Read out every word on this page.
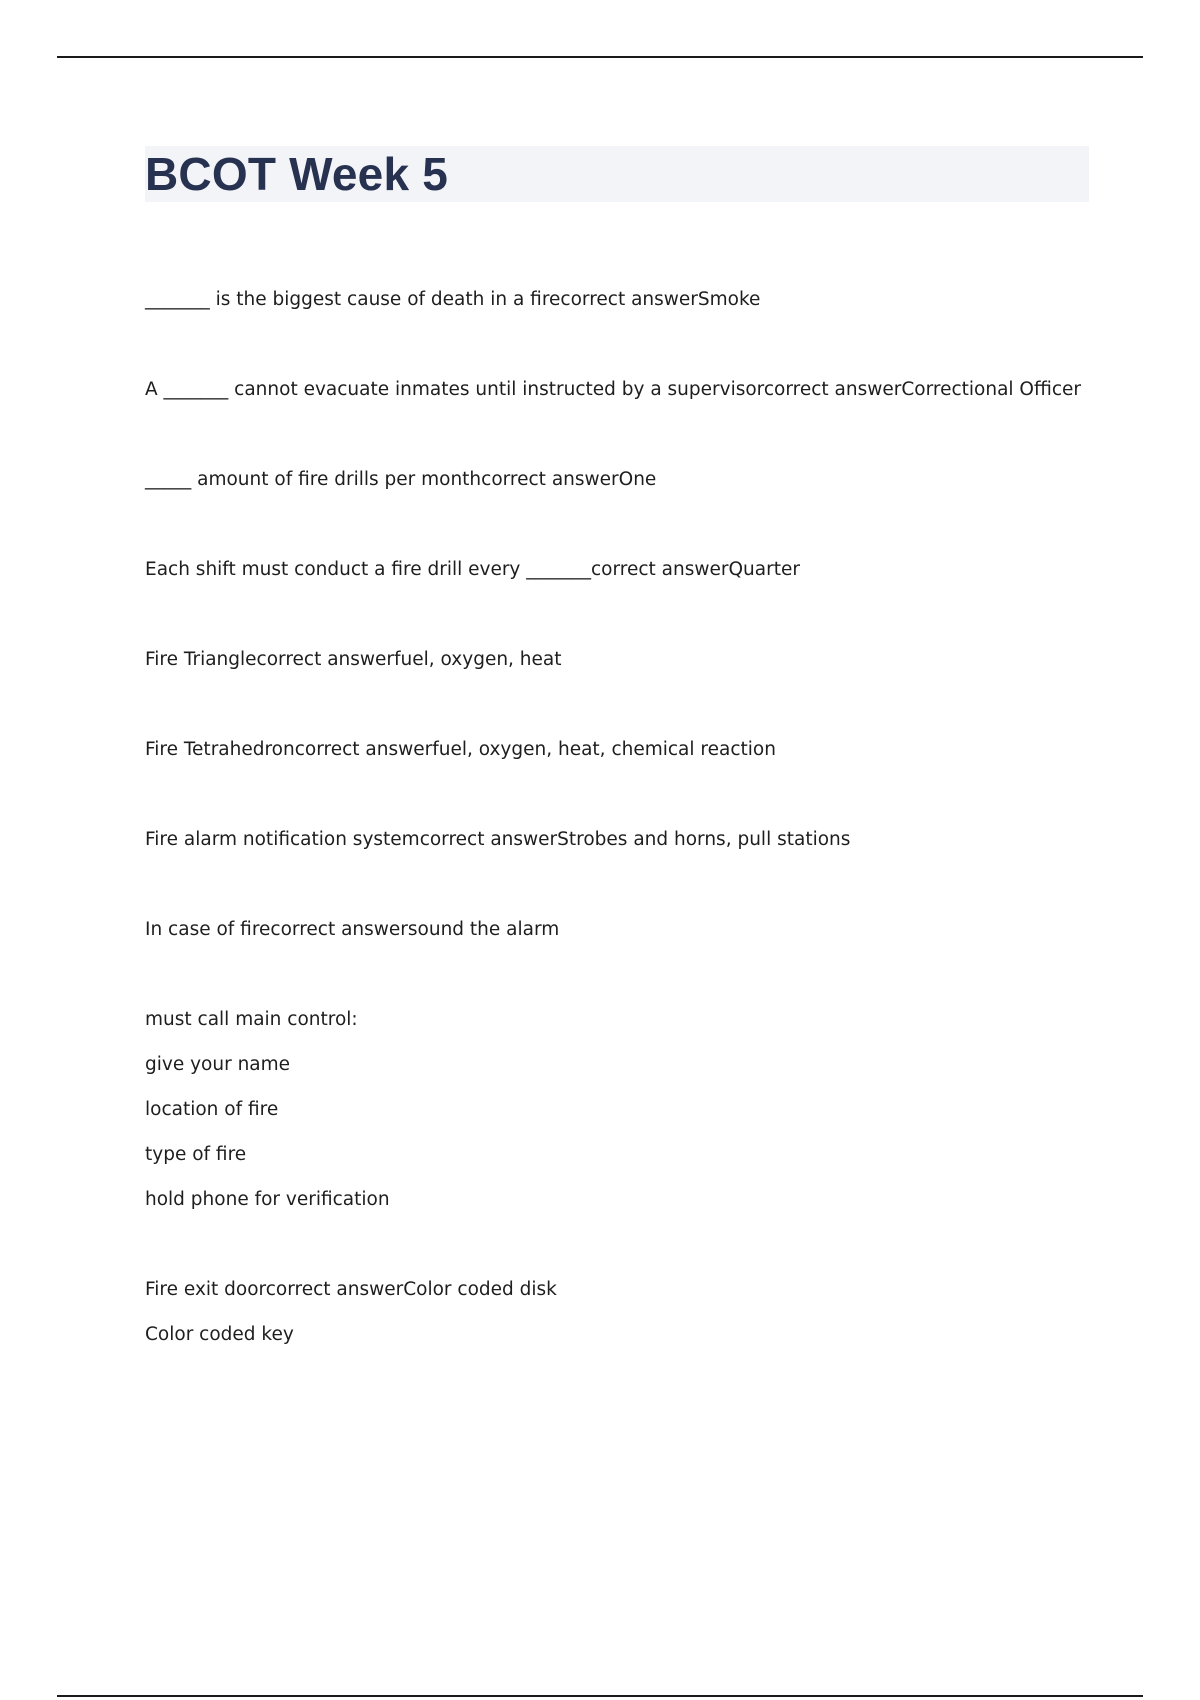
BCOT Week 5
_______ is the biggest cause of death in a firecorrect answerSmoke
A _______ cannot evacuate inmates until instructed by a supervisorcorrect answerCorrectional Officer
_____ amount of fire drills per monthcorrect answerOne
Each shift must conduct a fire drill every _______correct answerQuarter
Fire Trianglecorrect answerfuel, oxygen, heat
Fire Tetrahedroncorrect answerfuel, oxygen, heat, chemical reaction
Fire alarm notification systemcorrect answerStrobes and horns, pull stations
In case of firecorrect answersound the alarm
must call main control:
give your name
location of fire
type of fire
hold phone for verification
Fire exit doorcorrect answerColor coded disk
Color coded key
